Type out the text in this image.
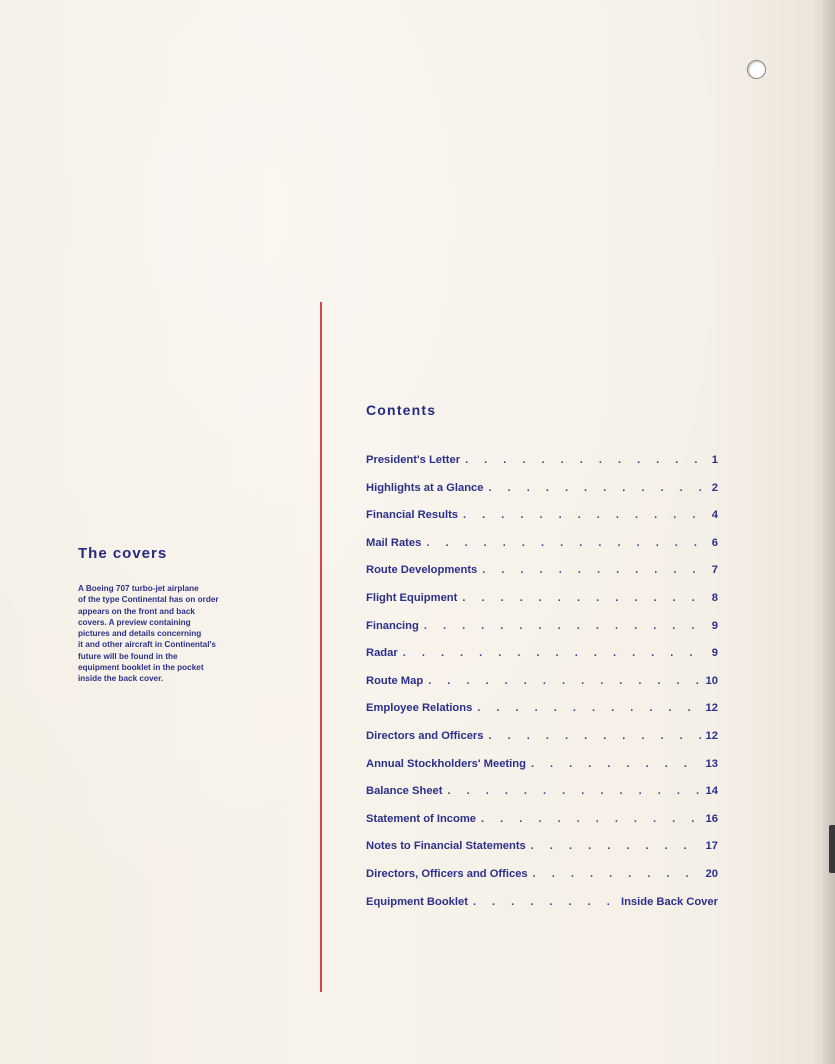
The covers

A Boeing 707 turbo-jet airplane
of the type Continental has on order
appears on the front and back
covers. A preview containing
pictures and details concerning
it and other aircraft in Continental's
future will be found in the
equipment booklet in the pocket
inside the back cover.

Contents
President's Letter . . .	1
Highlights at a Glance . . .	2
Financial Results . . .	4
Mail Rates . . .	6
Route Developments . . .	7
Flight Equipment . . .	8
Financing . . .	9
Radar . . .	9
Route Map . . .	10
Employee Relations . . .	12
Directors and Officers . . .	12
Annual Stockholders' Meeting . . .	13
Balance Sheet . . .	14
Statement of Income . . .	16
Notes to Financial Statements . . .	17
Directors, Officers and Offices . . .	20
Equipment Booklet . . .	Inside Back Cover
